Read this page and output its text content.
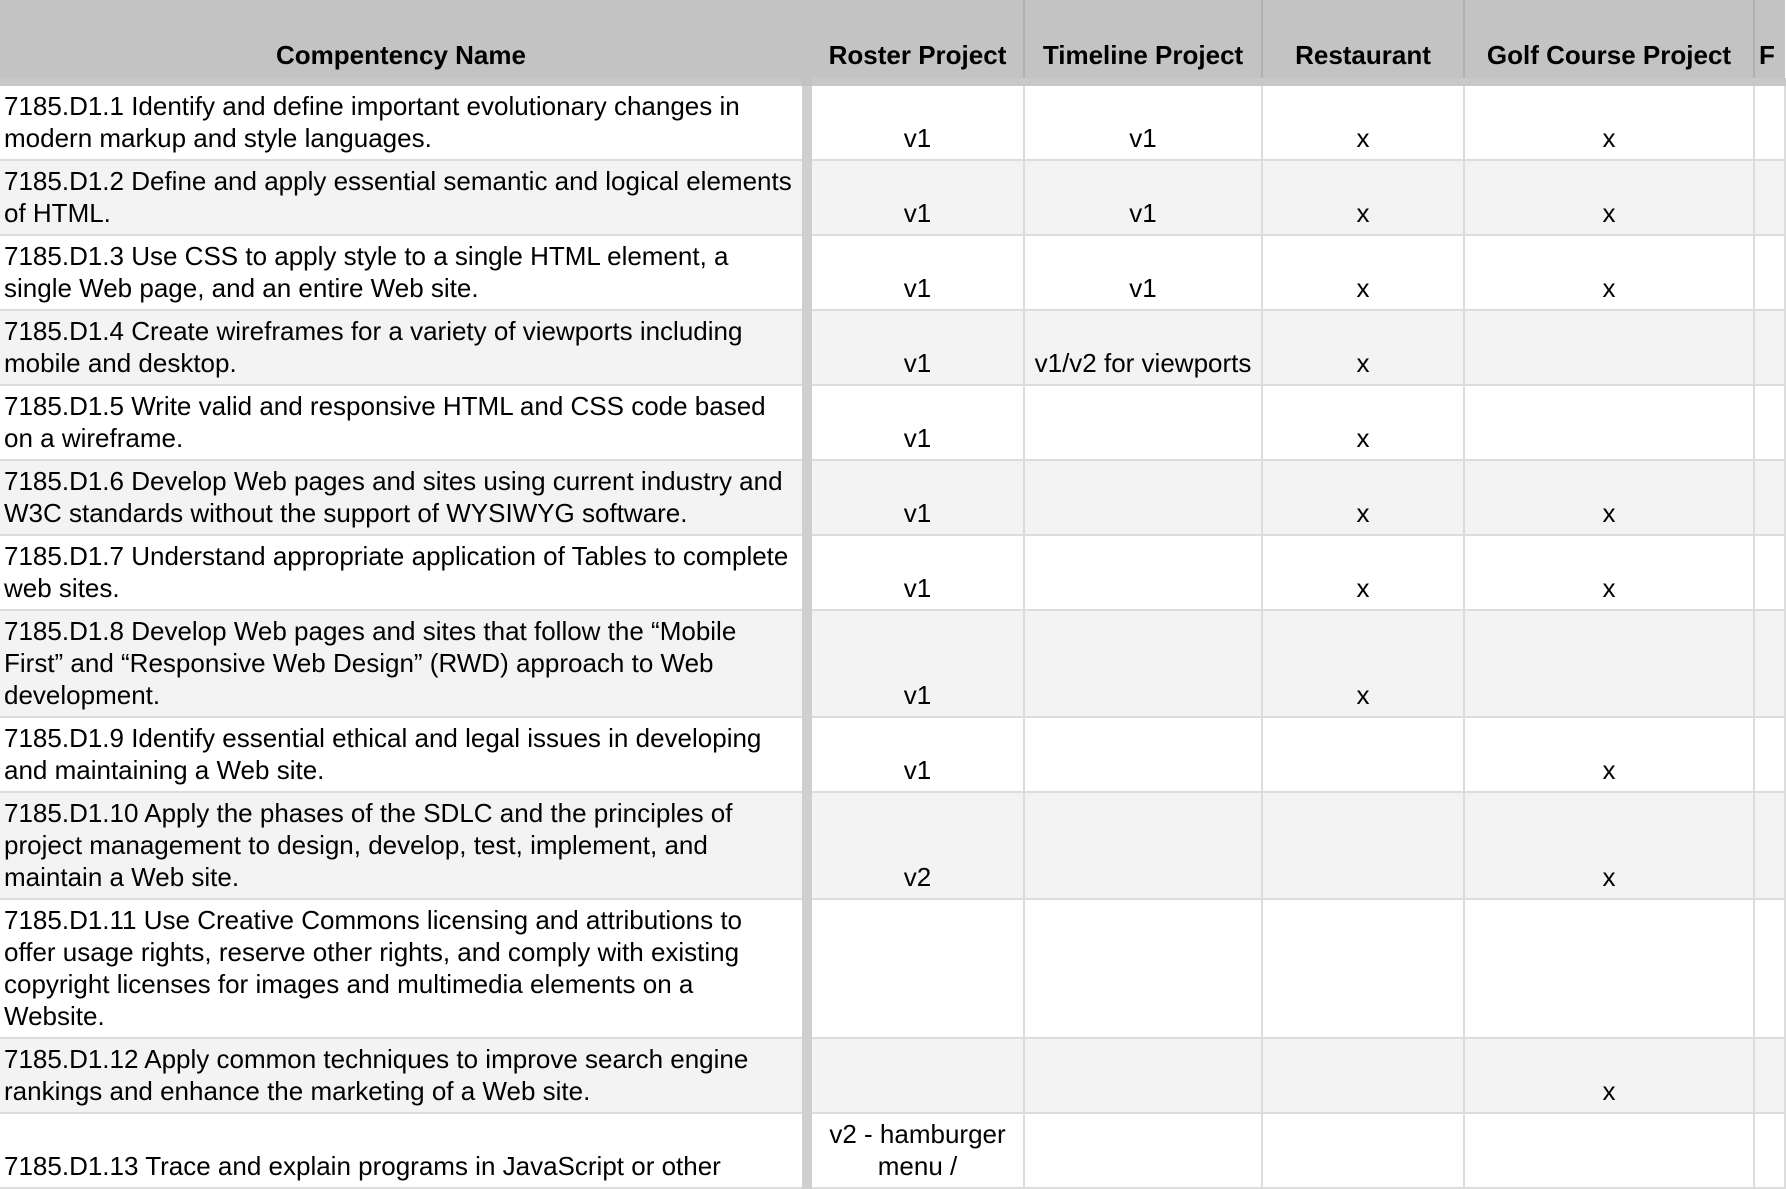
Compentency Name	Roster Project	Timeline Project	Restaurant	Golf Course Project	F
7185.D1.1 Identify and define important evolutionary changes in modern markup and style languages.	v1	v1	x	x	
7185.D1.2 Define and apply essential semantic and logical elements of HTML.	v1	v1	x	x	
7185.D1.3 Use CSS to apply style to a single HTML element, a single Web page, and an entire Web site.	v1	v1	x	x	
7185.D1.4 Create wireframes for a variety of viewports including mobile and desktop.	v1	v1/v2 for viewports	x		
7185.D1.5 Write valid and responsive HTML and CSS code based on a wireframe.	v1		x		
7185.D1.6 Develop Web pages and sites using current industry and W3C standards without the support of WYSIWYG software.	v1		x	x	
7185.D1.7 Understand appropriate application of Tables to complete web sites.	v1		x	x	
7185.D1.8 Develop Web pages and sites that follow the “Mobile First” and “Responsive Web Design” (RWD) approach to Web development.	v1		x		
7185.D1.9 Identify essential ethical and legal issues in developing and maintaining a Web site.	v1			x	
7185.D1.10 Apply the phases of the SDLC and the principles of project management to design, develop, test, implement, and maintain a Web site.	v2			x	
7185.D1.11 Use Creative Commons licensing and attributions to offer usage rights, reserve other rights, and comply with existing copyright licenses for images and multimedia elements on a Website.					
7185.D1.12 Apply common techniques to improve search engine rankings and enhance the marketing of a Web site.				x	
7185.D1.13 Trace and explain programs in JavaScript or other	v2 - hamburger menu /				
